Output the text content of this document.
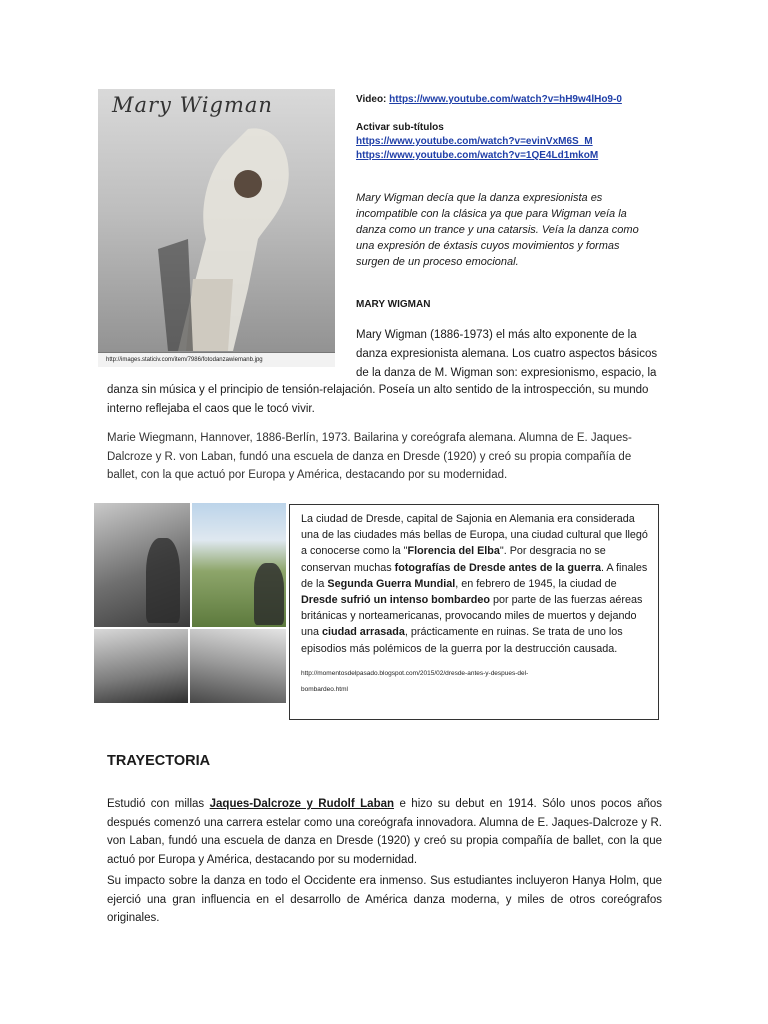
Mary Wigman
http://images.staticiv.com/item/7986/fotodanzawiemanb.jpg
Video: https://www.youtube.com/watch?v=hH9w4lHo9-0
Activar sub-títulos
https://www.youtube.com/watch?v=evinVxM6S_M
https://www.youtube.com/watch?v=1QE4Ld1mkoM
Mary Wigman decía que la danza expresionista es incompatible con la clásica ya que para Wigman veía la danza como un trance y una catarsis. Veía la danza como una expresión de éxtasis cuyos movimientos y formas surgen de un proceso emocional.
MARY WIGMAN
Mary Wigman (1886-1973) el más alto exponente de la
danza expresionista alemana. Los cuatro aspectos básicos
de la danza de M. Wigman son: expresionismo, espacio, la
danza sin música y el principio de tensión-relajación. Poseía un alto sentido de la introspección, su mundo
interno reflejaba el caos que le tocó vivir.
Marie Wiegmann, Hannover, 1886-Berlín, 1973. Bailarina y coreógrafa alemana. Alumna de E. Jaques-Dalcroze y R. von Laban, fundó una escuela de danza en Dresde (1920) y creó su propia compañía de ballet, con la que actuó por Europa y América, destacando por su modernidad.
La ciudad de Dresde, capital de Sajonia en Alemania era considerada una de las ciudades más bellas de Europa, una ciudad cultural que llegó a conocerse como la "Florencia del Elba". Por desgracia no se conservan muchas fotografías de Dresde antes de la guerra. A finales de la Segunda Guerra Mundial, en febrero de 1945, la ciudad de Dresde sufrió un intenso bombardeo por parte de las fuerzas aéreas británicas y norteamericanas, provocando miles de muertos y dejando una ciudad arrasada, prácticamente en ruinas. Se trata de uno los episodios más polémicos de la guerra por la destrucción causada.
http://momentosdelpasado.blogspot.com/2015/02/dresde-antes-y-despues-del-
bombardeo.html
TRAYECTORIA
Estudió con millas Jaques-Dalcroze y Rudolf Laban e hizo su debut en 1914. Sólo unos pocos años después comenzó una carrera estelar como una coreógrafa innovadora. Alumna de E. Jaques-Dalcroze y R. von Laban, fundó una escuela de danza en Dresde (1920) y creó su propia compañía de ballet, con la que actuó por Europa y América, destacando por su modernidad.
Su impacto sobre la danza en todo el Occidente era inmenso. Sus estudiantes incluyeron Hanya Holm, que ejerció una gran influencia en el desarrollo de América danza moderna, y miles de otros coreógrafos originales.
